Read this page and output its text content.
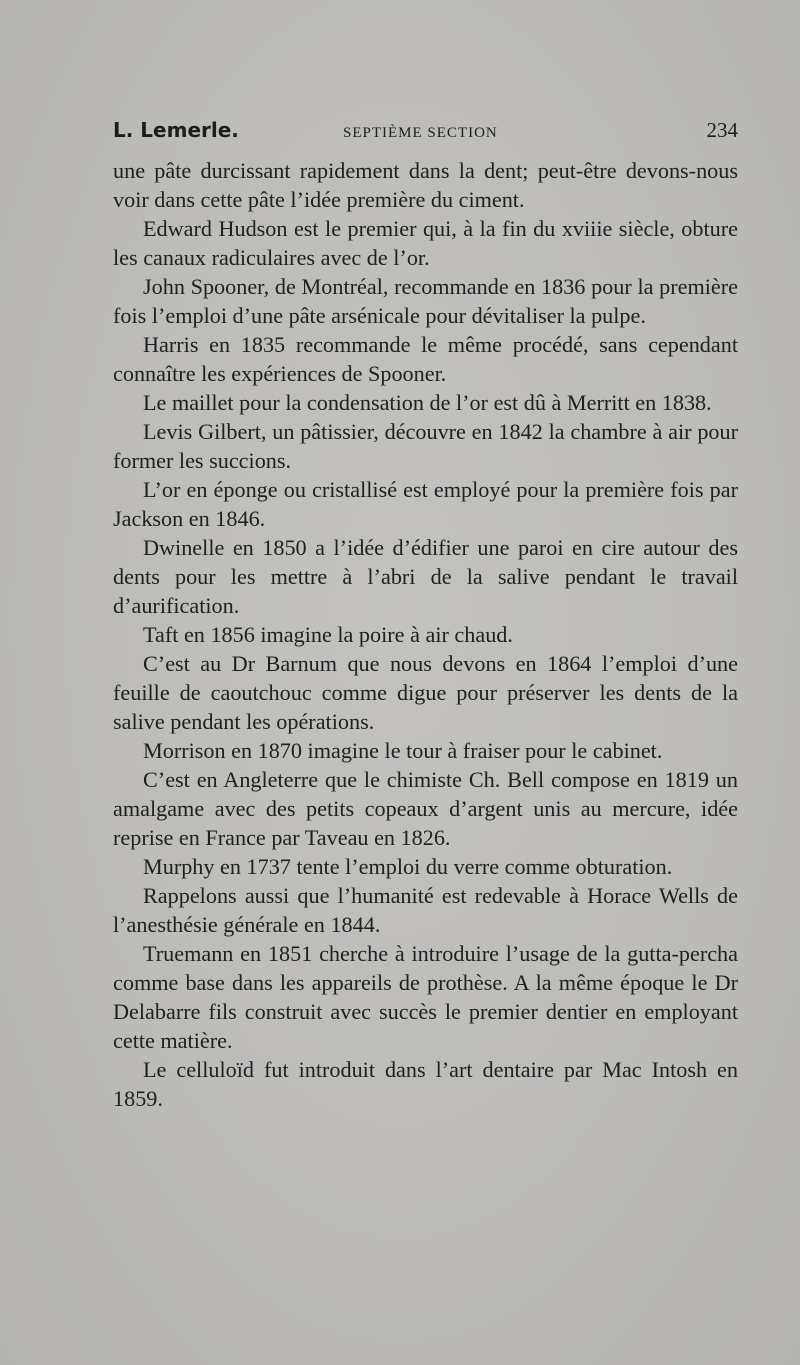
L. Lemerle.	SEPTIÈME SECTION	234

une pâte durcissant rapidement dans la dent; peut-être devons-nous voir dans cette pâte l’idée première du ciment.

Edward Hudson est le premier qui, à la fin du xviiie siècle, obture les canaux radiculaires avec de l’or.

John Spooner, de Montréal, recommande en 1836 pour la première fois l’emploi d’une pâte arsénicale pour dévitaliser la pulpe.

Harris en 1835 recommande le même procédé, sans cependant connaître les expériences de Spooner.

Le maillet pour la condensation de l’or est dû à Merritt en 1838.

Levis Gilbert, un pâtissier, découvre en 1842 la chambre à air pour former les succions.

L’or en éponge ou cristallisé est employé pour la première fois par Jackson en 1846.

Dwinelle en 1850 a l’idée d’édifier une paroi en cire autour des dents pour les mettre à l’abri de la salive pendant le travail d’aurification.

Taft en 1856 imagine la poire à air chaud.

C’est au Dr Barnum que nous devons en 1864 l’emploi d’une feuille de caoutchouc comme digue pour préserver les dents de la salive pendant les opérations.

Morrison en 1870 imagine le tour à fraiser pour le cabinet.

C’est en Angleterre que le chimiste Ch. Bell compose en 1819 un amalgame avec des petits copeaux d’argent unis au mercure, idée reprise en France par Taveau en 1826.

Murphy en 1737 tente l’emploi du verre comme obturation.

Rappelons aussi que l’humanité est redevable à Horace Wells de l’anesthésie générale en 1844.

Truemann en 1851 cherche à introduire l’usage de la gutta-percha comme base dans les appareils de prothèse. A la même époque le Dr Delabarre fils construit avec succès le premier dentier en employant cette matière.

Le celluloïd fut introduit dans l’art dentaire par Mac Intosh en 1859.
